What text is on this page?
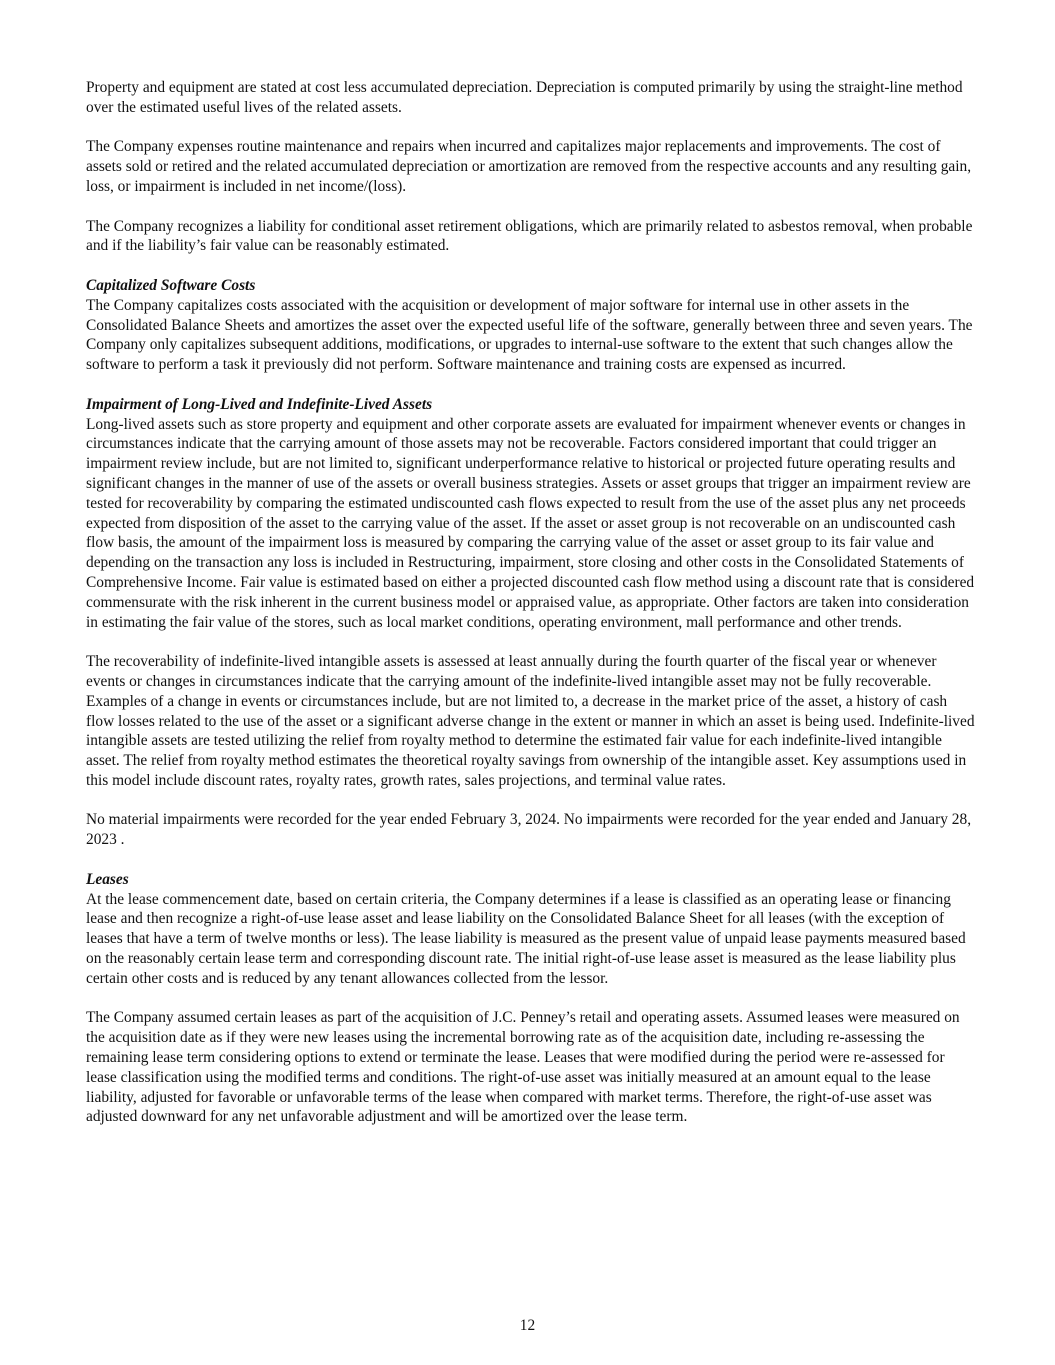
Property and equipment are stated at cost less accumulated depreciation. Depreciation is computed primarily by using the straight-line method over the estimated useful lives of the related assets.

The Company expenses routine maintenance and repairs when incurred and capitalizes major replacements and improvements. The cost of assets sold or retired and the related accumulated depreciation or amortization are removed from the respective accounts and any resulting gain, loss, or impairment is included in net income/(loss).

The Company recognizes a liability for conditional asset retirement obligations, which are primarily related to asbestos removal, when probable and if the liability’s fair value can be reasonably estimated.

Capitalized Software Costs

The Company capitalizes costs associated with the acquisition or development of major software for internal use in other assets in the Consolidated Balance Sheets and amortizes the asset over the expected useful life of the software, generally between three and seven years. The Company only capitalizes subsequent additions, modifications, or upgrades to internal-use software to the extent that such changes allow the software to perform a task it previously did not perform. Software maintenance and training costs are expensed as incurred.

Impairment of Long-Lived and Indefinite-Lived Assets

Long-lived assets such as store property and equipment and other corporate assets are evaluated for impairment whenever events or changes in circumstances indicate that the carrying amount of those assets may not be recoverable. Factors considered important that could trigger an impairment review include, but are not limited to, significant underperformance relative to historical or projected future operating results and significant changes in the manner of use of the assets or overall business strategies. Assets or asset groups that trigger an impairment review are tested for recoverability by comparing the estimated undiscounted cash flows expected to result from the use of the asset plus any net proceeds expected from disposition of the asset to the carrying value of the asset. If the asset or asset group is not recoverable on an undiscounted cash flow basis, the amount of the impairment loss is measured by comparing the carrying value of the asset or asset group to its fair value and depending on the transaction any loss is included in Restructuring, impairment, store closing and other costs in the Consolidated Statements of Comprehensive Income. Fair value is estimated based on either a projected discounted cash flow method using a discount rate that is considered commensurate with the risk inherent in the current business model or appraised value, as appropriate. Other factors are taken into consideration in estimating the fair value of the stores, such as local market conditions, operating environment, mall performance and other trends.

The recoverability of indefinite-lived intangible assets is assessed at least annually during the fourth quarter of the fiscal year or whenever events or changes in circumstances indicate that the carrying amount of the indefinite-lived intangible asset may not be fully recoverable. Examples of a change in events or circumstances include, but are not limited to, a decrease in the market price of the asset, a history of cash flow losses related to the use of the asset or a significant adverse change in the extent or manner in which an asset is being used. Indefinite-lived intangible assets are tested utilizing the relief from royalty method to determine the estimated fair value for each indefinite-lived intangible asset. The relief from royalty method estimates the theoretical royalty savings from ownership of the intangible asset. Key assumptions used in this model include discount rates, royalty rates, growth rates, sales projections, and terminal value rates.

No material impairments were recorded for the year ended February 3, 2024. No impairments were recorded for the year ended and January 28, 2023 .

Leases

At the lease commencement date, based on certain criteria, the Company determines if a lease is classified as an operating lease or financing lease and then recognize a right-of-use lease asset and lease liability on the Consolidated Balance Sheet for all leases (with the exception of leases that have a term of twelve months or less). The lease liability is measured as the present value of unpaid lease payments measured based on the reasonably certain lease term and corresponding discount rate. The initial right-of-use lease asset is measured as the lease liability plus certain other costs and is reduced by any tenant allowances collected from the lessor.

The Company assumed certain leases as part of the acquisition of J.C. Penney’s retail and operating assets. Assumed leases were measured on the acquisition date as if they were new leases using the incremental borrowing rate as of the acquisition date, including re-assessing the remaining lease term considering options to extend or terminate the lease. Leases that were modified during the period were re-assessed for lease classification using the modified terms and conditions. The right-of-use asset was initially measured at an amount equal to the lease liability, adjusted for favorable or unfavorable terms of the lease when compared with market terms. Therefore, the right-of-use asset was adjusted downward for any net unfavorable adjustment and will be amortized over the lease term.

12
